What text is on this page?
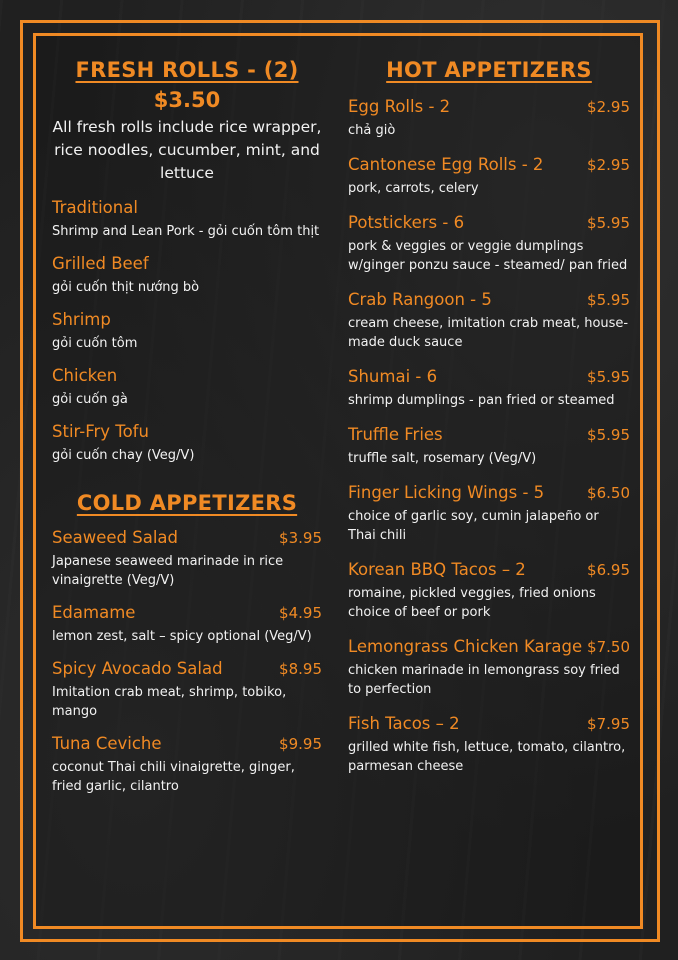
FRESH ROLLS - (2)
$3.50
All fresh rolls include rice wrapper, rice noodles, cucumber, mint, and lettuce
Traditional
Shrimp and Lean Pork - gỏi cuốn tôm thịt
Grilled Beef
gỏi cuốn thịt nướng bò
Shrimp
gỏi cuốn tôm
Chicken
gỏi cuốn gà
Stir-Fry Tofu
gỏi cuốn chay (Veg/V)
COLD APPETIZERS
Seaweed Salad	$3.95
Japanese seaweed marinade in rice vinaigrette (Veg/V)
Edamame	$4.95
lemon zest, salt – spicy optional (Veg/V)
Spicy Avocado Salad	$8.95
Imitation crab meat, shrimp, tobiko, mango
Tuna Ceviche	$9.95
coconut Thai chili vinaigrette, ginger, fried garlic, cilantro
HOT APPETIZERS
Egg Rolls - 2	$2.95
chả giò
Cantonese Egg Rolls - 2	$2.95
pork, carrots, celery
Potstickers - 6	$5.95
pork & veggies or veggie dumplings w/ginger ponzu sauce - steamed/ pan fried
Crab Rangoon - 5	$5.95
cream cheese, imitation crab meat, house-made duck sauce
Shumai - 6	$5.95
shrimp dumplings - pan fried or steamed
Truffle Fries	$5.95
truffle salt, rosemary (Veg/V)
Finger Licking Wings - 5	$6.50
choice of garlic soy, cumin jalapeño or Thai chili
Korean BBQ Tacos – 2	$6.95
romaine, pickled veggies, fried onions choice of beef or pork
Lemongrass Chicken Karage $7.50
chicken marinade in lemongrass soy fried to perfection
Fish Tacos – 2	$7.95
grilled white fish, lettuce, tomato, cilantro, parmesan cheese
